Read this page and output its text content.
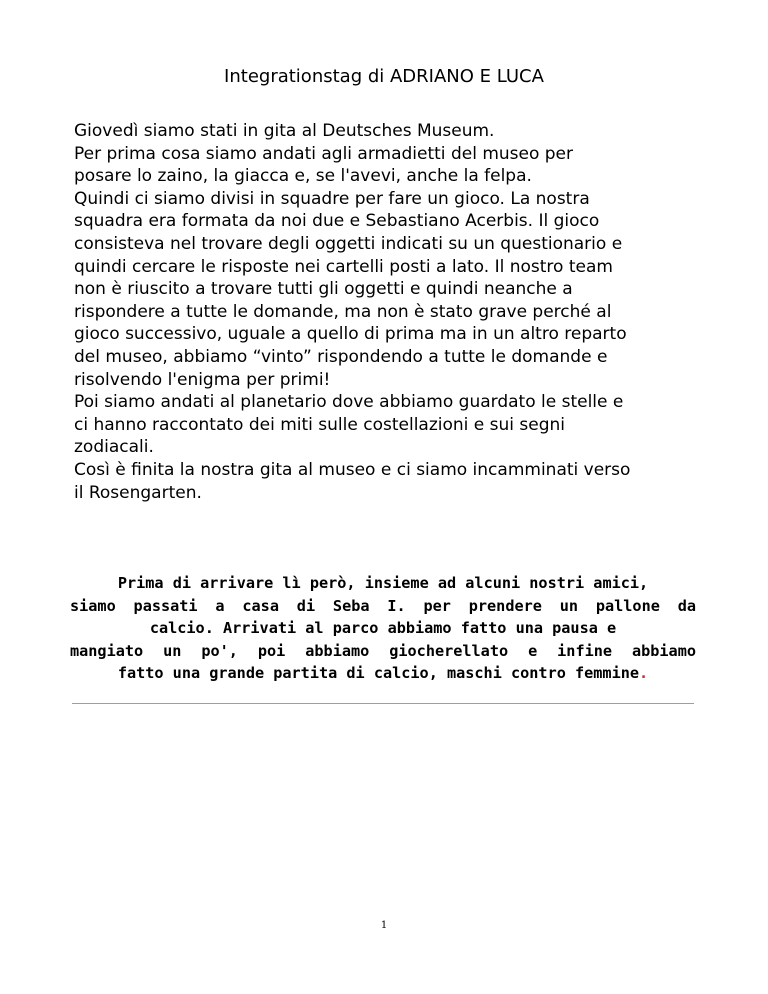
Integrationstag di ADRIANO E LUCA
Giovedì siamo stati in gita al Deutsches Museum.
Per prima cosa siamo andati agli armadietti del museo per
posare lo zaino, la giacca e, se l'avevi, anche la felpa.
Quindi ci siamo divisi in squadre per fare un gioco. La nostra
squadra era formata da noi due e Sebastiano Acerbis. Il gioco
consisteva nel trovare degli oggetti indicati su un questionario e
quindi cercare le risposte nei cartelli posti a lato. Il nostro team
non è riuscito a trovare tutti gli oggetti e quindi neanche a
rispondere a tutte le domande, ma non è stato grave perché al
gioco successivo, uguale a quello di prima ma in un altro reparto
del museo, abbiamo “vinto” rispondendo a tutte le domande e
risolvendo l'enigma per primi!
Poi siamo andati al planetario dove abbiamo guardato le stelle e
ci hanno raccontato dei miti sulle costellazioni e sui segni
zodiacali.
Così è finita la nostra gita al museo e ci siamo incamminati verso
il Rosengarten.
Prima di arrivare lì però, insieme ad alcuni nostri amici,
siamo passati a casa di Seba I. per prendere un pallone da
calcio. Arrivati al parco abbiamo fatto una pausa e
mangiato un po', poi abbiamo giocherellato e infine abbiamo
fatto una grande partita di calcio, maschi contro femmine.
1
